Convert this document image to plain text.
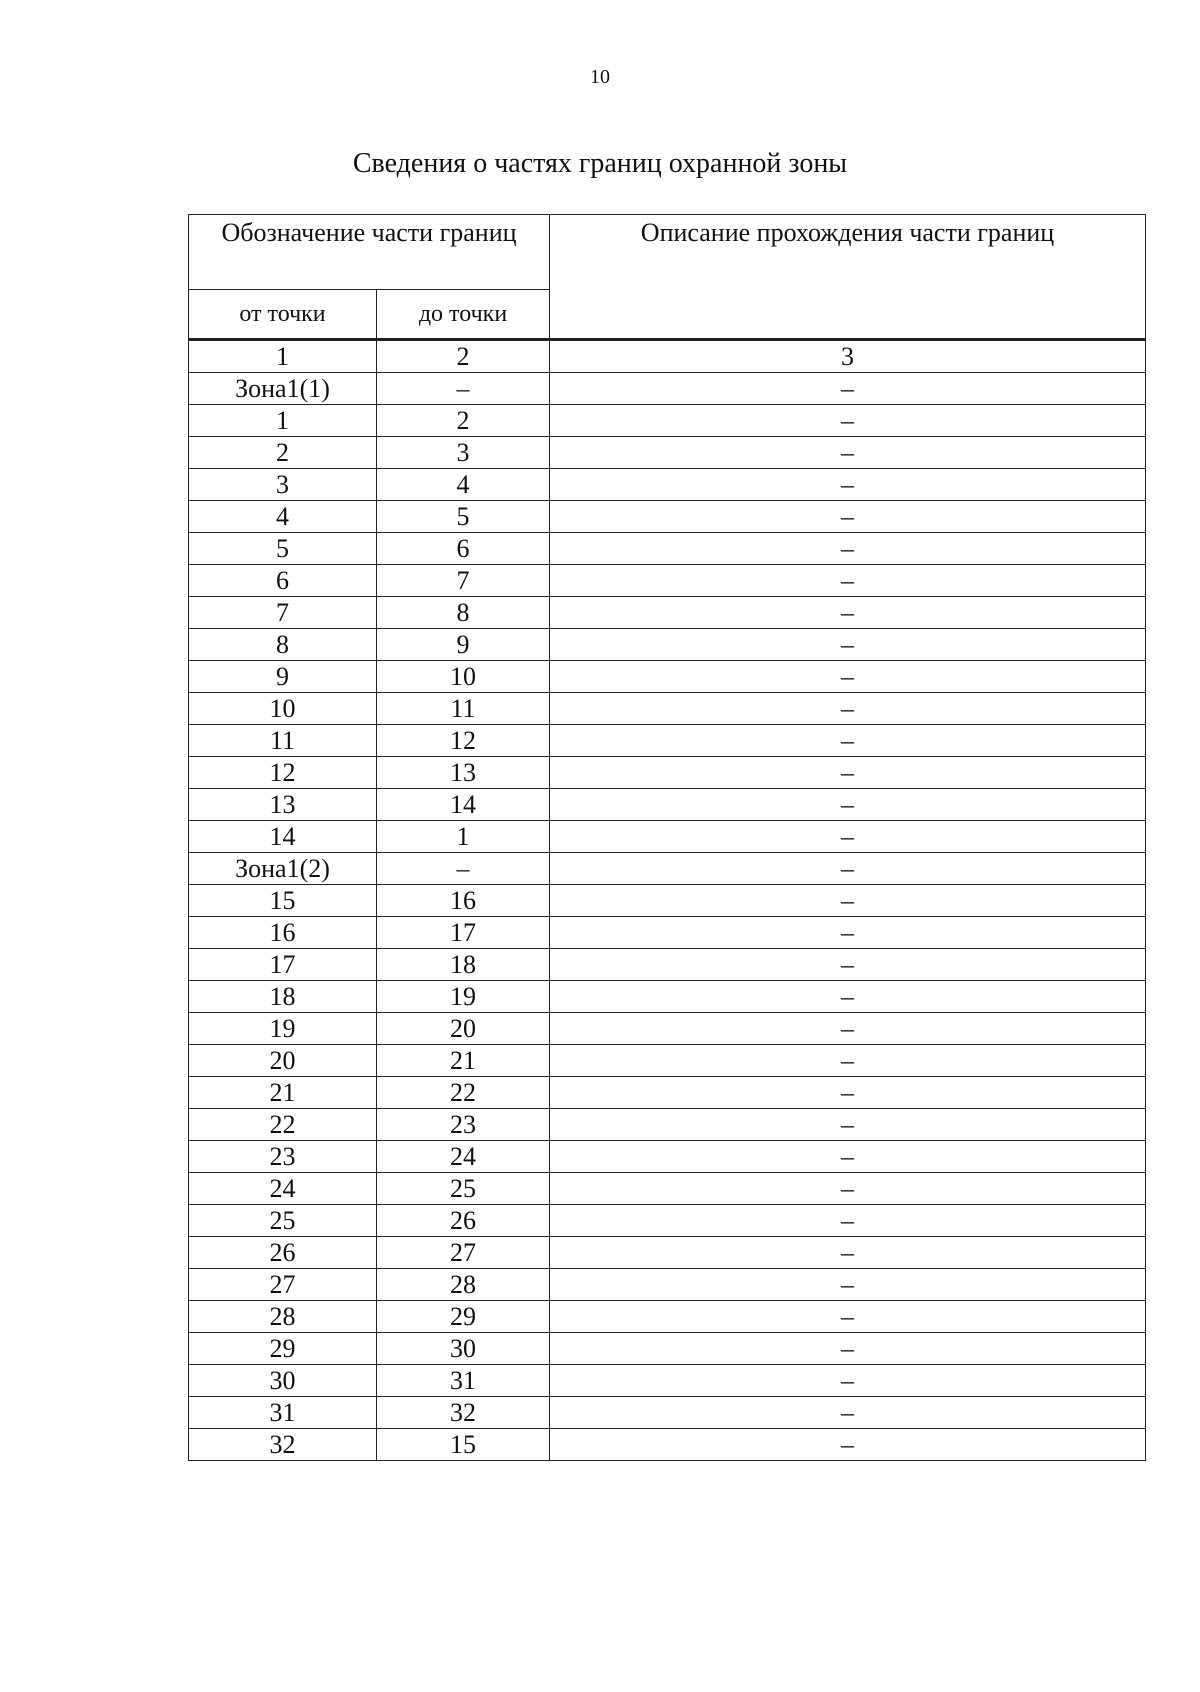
10
Сведения о частях границ охранной зоны
Обозначение части границ		Описание прохождения части границ
от точки	до точки	
1	2	3
Зона1(1)	–	–
1	2	–
2	3	–
3	4	–
4	5	–
5	6	–
6	7	–
7	8	–
8	9	–
9	10	–
10	11	–
11	12	–
12	13	–
13	14	–
14	1	–
Зона1(2)	–	–
15	16	–
16	17	–
17	18	–
18	19	–
19	20	–
20	21	–
21	22	–
22	23	–
23	24	–
24	25	–
25	26	–
26	27	–
27	28	–
28	29	–
29	30	–
30	31	–
31	32	–
32	15	–
